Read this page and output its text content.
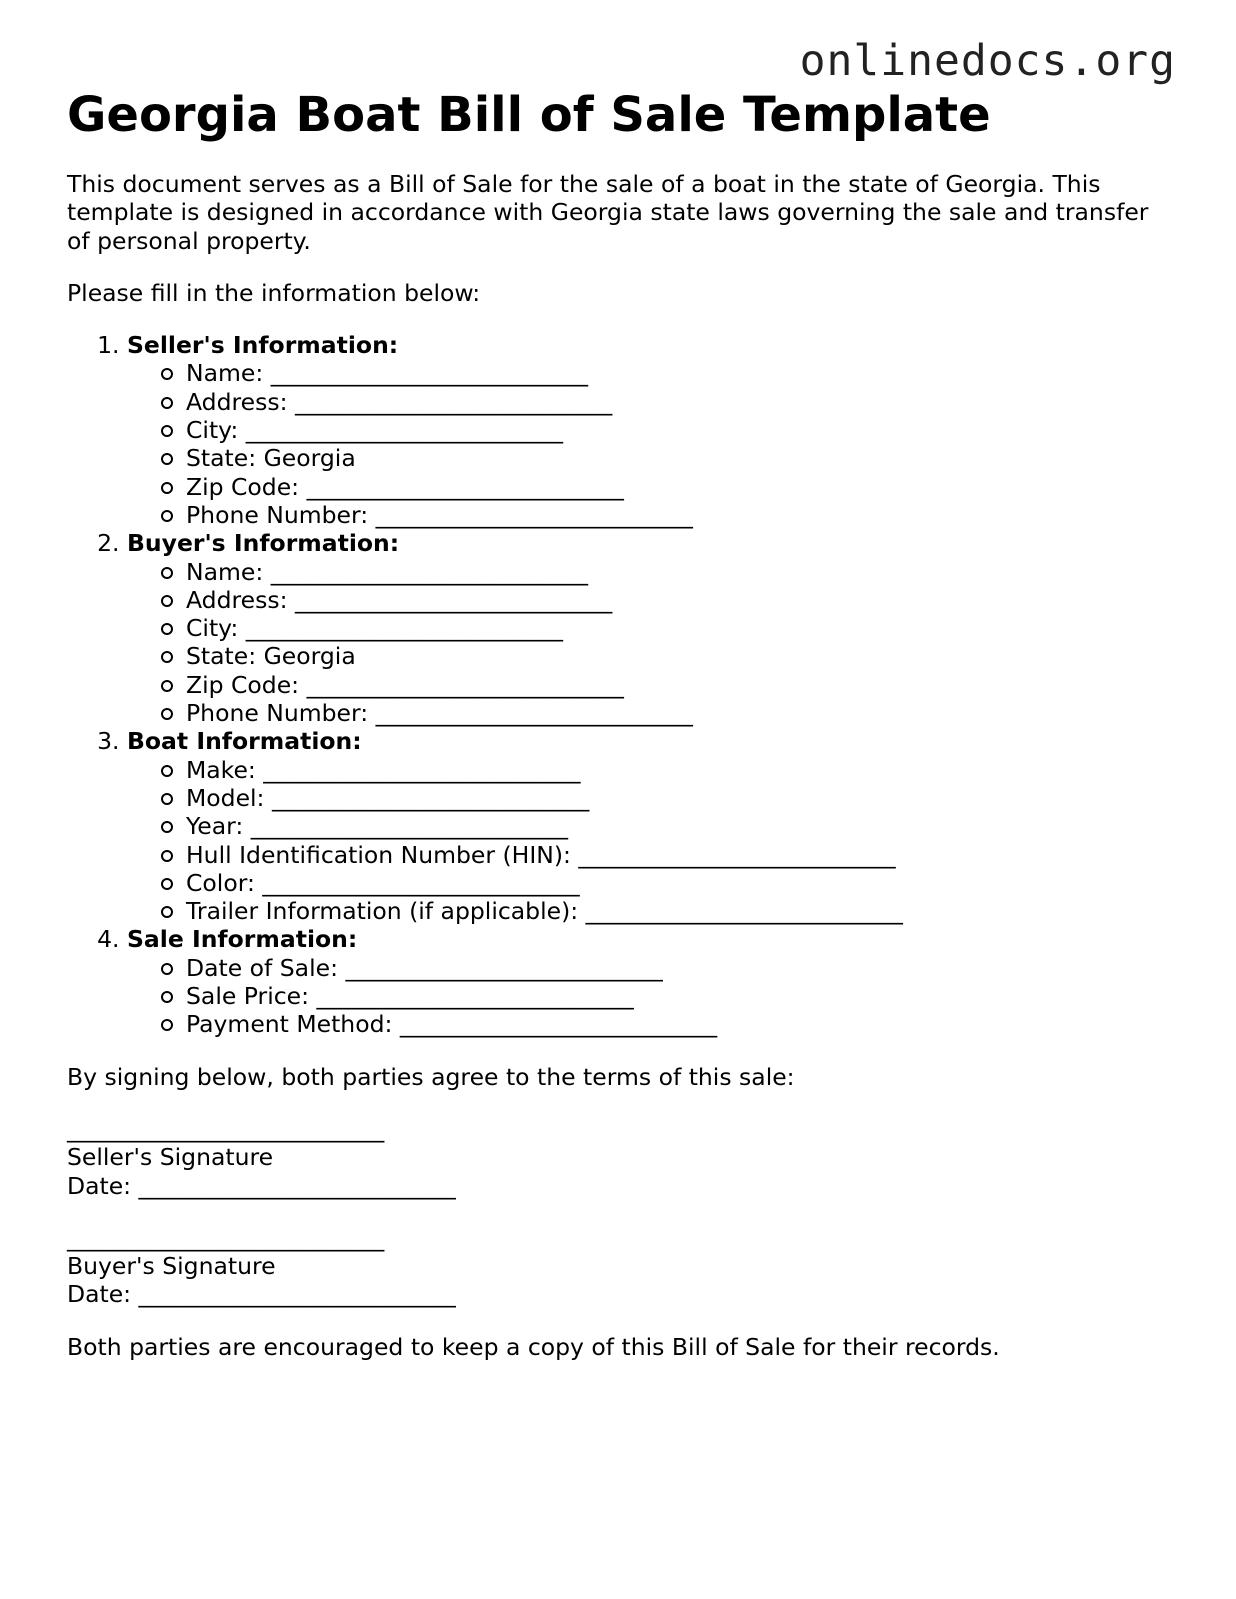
onlinedocs.org
Georgia Boat Bill of Sale Template

This document serves as a Bill of Sale for the sale of a boat in the state of Georgia. This template is designed in accordance with Georgia state laws governing the sale and transfer of personal property.

Please fill in the information below:

1. Seller's Information:
Name: ___________________________
Address: ___________________________
City: ___________________________
State: Georgia
Zip Code: ___________________________
Phone Number: ___________________________
2. Buyer's Information:
Name: ___________________________
Address: ___________________________
City: ___________________________
State: Georgia
Zip Code: ___________________________
Phone Number: ___________________________
3. Boat Information:
Make: ___________________________
Model: ___________________________
Year: ___________________________
Hull Identification Number (HIN): ___________________________
Color: ___________________________
Trailer Information (if applicable): ___________________________
4. Sale Information:
Date of Sale: ___________________________
Sale Price: ___________________________
Payment Method: ___________________________

By signing below, both parties agree to the terms of this sale:

___________________________
Seller's Signature
Date: ___________________________
___________________________
Buyer's Signature
Date: ___________________________

Both parties are encouraged to keep a copy of this Bill of Sale for their records.
